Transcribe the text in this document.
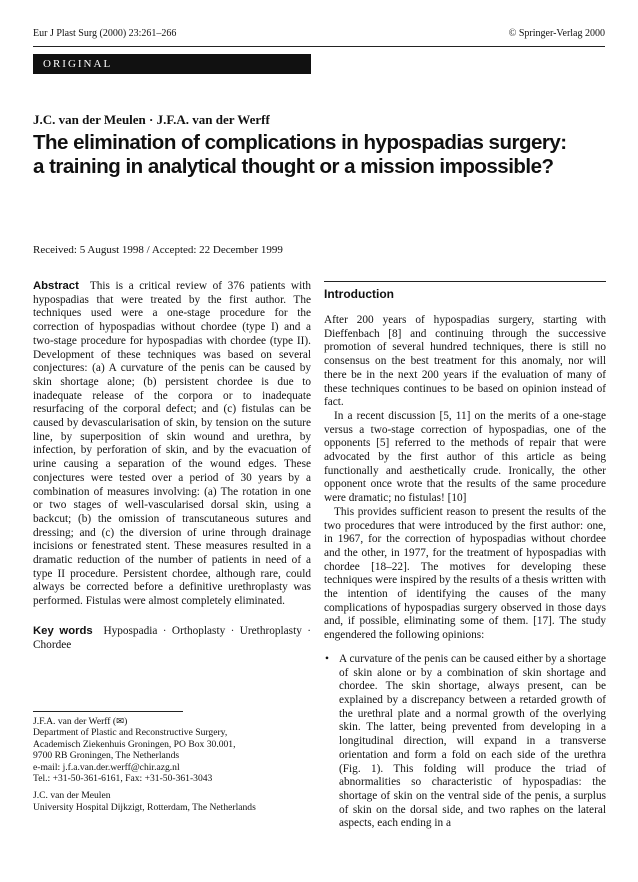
Eur J Plast Surg (2000) 23:261–266	© Springer-Verlag 2000
ORIGINAL
J.C. van der Meulen · J.F.A. van der Werff
The elimination of complications in hypospadias surgery:
a training in analytical thought or a mission impossible?
Received: 5 August 1998 / Accepted: 22 December 1999

Abstract This is a critical review of 376 patients with hypospadias that were treated by the first author. The techniques used were a one-stage procedure for the correction of hypospadias without chordee (type I) and a two-stage procedure for hypospadias with chordee (type II). Development of these techniques was based on several conjectures: (a) A curvature of the penis can be caused by skin shortage alone; (b) persistent chordee is due to inadequate release of the corpora or to inadequate resurfacing of the corporal defect; and (c) fistulas can be caused by devascularisation of skin, by tension on the suture line, by superposition of skin wound and urethra, by infection, by perforation of skin, and by the evacuation of urine causing a separation of the wound edges. These conjectures were tested over a period of 30 years by a combination of measures involving: (a) The rotation in one or two stages of well-vascularised dorsal skin, using a backcut; (b) the omission of transcutaneous sutures and dressing; and (c) the diversion of urine through drainage incisions or fenestrated stent. These measures resulted in a dramatic reduction of the number of patients in need of a type II procedure. Persistent chordee, although rare, could always be corrected before a definitive urethroplasty was performed. Fistulas were almost completely eliminated.

Key words Hypospadia · Orthoplasty · Urethroplasty · Chordee

J.F.A. van der Werff (✉)
Department of Plastic and Reconstructive Surgery,
Academisch Ziekenhuis Groningen, PO Box 30.001,
9700 RB Groningen, The Netherlands
e-mail: j.f.a.van.der.werff@chir.azg.nl
Tel.: +31-50-361-6161, Fax: +31-50-361-3043
J.C. van der Meulen
University Hospital Dijkzigt, Rotterdam, The Netherlands
Introduction

After 200 years of hypospadias surgery, starting with Dieffenbach [8] and continuing through the successive promotion of several hundred techniques, there is still no consensus on the best treatment for this anomaly, nor will there be in the next 200 years if the evaluation of many of these techniques continues to be based on opinion instead of fact.

In a recent discussion [5, 11] on the merits of a one-stage versus a two-stage correction of hypospadias, one of the opponents [5] referred to the methods of repair that were advocated by the first author of this article as being functionally and aesthetically crude. Ironically, the other opponent once wrote that the results of the same procedure were dramatic; no fistulas! [10]

This provides sufficient reason to present the results of the two procedures that were introduced by the first author: one, in 1967, for the correction of hypospadias without chordee and the other, in 1977, for the treatment of hypospadias with chordee [18–22]. The motives for developing these techniques were inspired by the results of a thesis written with the intention of identifying the causes of the many complications of hypospadias surgery observed in those days and, if possible, eliminating some of them. [17]. The study engendered the following opinions:

• A curvature of the penis can be caused either by a shortage of skin alone or by a combination of skin shortage and chordee. The skin shortage, always present, can be explained by a discrepancy between a retarded growth of the urethral plate and a normal growth of the overlying skin. The latter, being prevented from developing in a longitudinal direction, will expand in a transverse orientation and form a fold on each side of the urethra (Fig. 1). This folding will produce the triad of abnormalities so characteristic of hypospadias: the shortage of skin on the ventral side of the penis, a surplus of skin on the dorsal side, and two raphes on the lateral aspects, each ending in a
